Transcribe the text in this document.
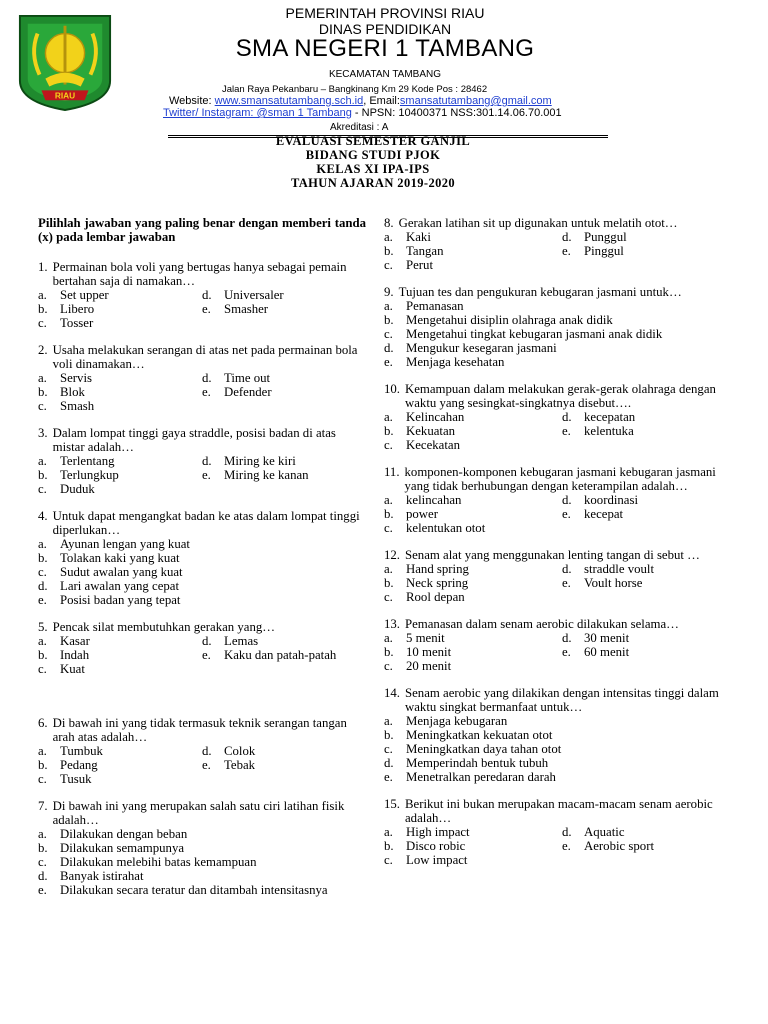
RIAU
PEMERINTAH PROVINSI RIAU
DINAS PENDIDIKAN
SMA NEGERI 1 TAMBANG
KECAMATAN TAMBANG
Jalan Raya Pekanbaru – Bangkinang Km 29 Kode Pos : 28462
Website: www.smansatutambang.sch.id, Email:smansatutambang@gmail.com
Twitter/ Instagram: @sman 1 Tambang - NPSN: 10400371 NSS:301.14.06.70.001
Akreditasi : A
EVALUASI SEMESTER GANJIL
BIDANG STUDI PJOK
KELAS XI IPA-IPS
TAHUN AJARAN 2019-2020
Pilihlah jawaban yang paling benar dengan memberi tanda (x) pada lembar jawaban
1. Permainan bola voli yang bertugas hanya sebagai pemain bertahan saja di namakan…
a.	Set upper	d. Universaler
b. Libero	e.	Smasher
c.	Tosser
2. Usaha melakukan serangan di atas net pada permainan bola voli dinamakan…
a.	Servis	d. Time out
b. Blok	e.	Defender
c.	Smash
3. Dalam lompat tinggi gaya straddle, posisi badan di atas mistar adalah…
a.	Terlentang	d. Miring ke kiri
b. Terlungkup	e.	Miring ke kanan
c.	Duduk
4. Untuk dapat mengangkat badan ke atas dalam lompat tinggi diperlukan…
a.	Ayunan lengan yang kuat
b. Tolakan kaki yang kuat
c.	Sudut awalan yang kuat
d. Lari awalan yang cepat
e.	Posisi badan yang tepat
5. Pencak silat membutuhkan gerakan yang…
a.	Kasar	d. Lemas
b. Indah	e.	Kaku dan patah-patah
c.	Kuat
6. Di bawah ini yang tidak termasuk teknik serangan tangan arah atas adalah…
a.	Tumbuk	d. Colok
b. Pedang	e.	Tebak
c.	Tusuk
7. Di bawah ini yang merupakan salah satu ciri latihan fisik adalah…
a.	Dilakukan dengan beban
b. Dilakukan semampunya
c.	Dilakukan melebihi batas kemampuan
d. Banyak istirahat
e.	Dilakukan secara teratur dan ditambah intensitasnya
8. Gerakan latihan sit up digunakan untuk melatih otot…
a.	Kaki	d. Punggul
b. Tangan	e.	Pinggul
c.	Perut
9. Tujuan tes dan pengukuran kebugaran jasmani untuk…
a.	Pemanasan
b. Mengetahui disiplin olahraga anak didik
c.	Mengetahui tingkat kebugaran jasmani anak didik
d. Mengukur kesegaran jasmani
e.	Menjaga kesehatan
10. Kemampuan dalam melakukan gerak-gerak olahraga dengan waktu yang sesingkat-singkatnya disebut….
a.	Kelincahan	d. kecepatan
b. Kekuatan	e.	kelentuka
c.	Kecekatan
11. komponen-komponen kebugaran jasmani kebugaran jasmani yang tidak berhubungan dengan keterampilan adalah…
a.	kelincahan	d. koordinasi
b. power	e.	kecepat
c.	kelentukan otot
12. Senam alat yang menggunakan lenting tangan di sebut …
a.	Hand spring	d. straddle voult
b. Neck spring	e.	Voult horse
c.	Rool depan
13. Pemanasan dalam senam aerobic dilakukan selama…
a.	5 menit	d. 30 menit
b. 10 menit	e.	60 menit
c.	20 menit
14. Senam aerobic yang dilakikan dengan intensitas tinggi dalam waktu singkat bermanfaat untuk…
a.	Menjaga kebugaran
b. Meningkatkan kekuatan otot
c.	Meningkatkan daya tahan otot
d. Memperindah bentuk tubuh
e.	Menetralkan peredaran darah
15. Berikut ini bukan merupakan macam-macam senam aerobic adalah…
a.	High impact	d. Aquatic
b. Disco robic	e.	Aerobic sport
c.	Low impact
